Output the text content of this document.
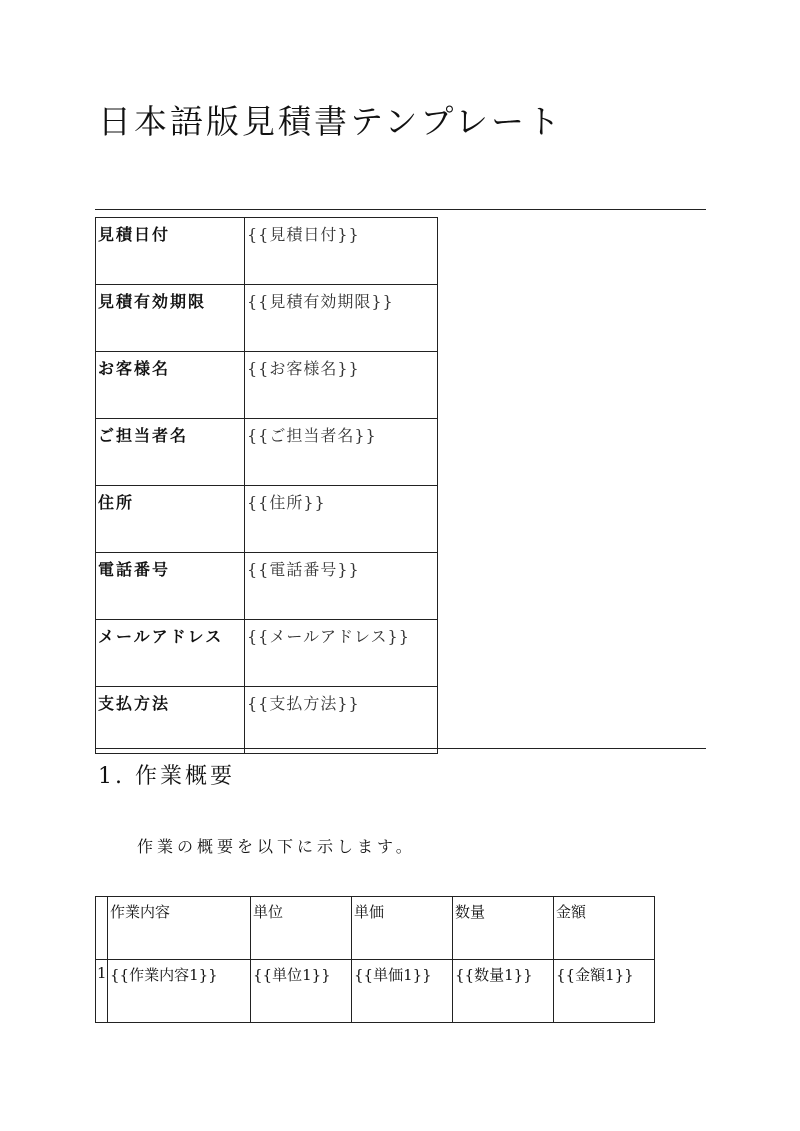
日本語版見積書テンプレート
見積日付	{{見積日付}}
見積有効期限	{{見積有効期限}}
お客様名	{{お客様名}}
ご担当者名	{{ご担当者名}}
住所	{{住所}}
電話番号	{{電話番号}}
メールアドレス	{{メールアドレス}}
支払方法	{{支払方法}}
1. 作業概要

作業の概要を以下に示します。

	作業内容	単位	単価	数量	金額
1	{{作業内容1}}	{{単位1}}	{{単価1}}	{{数量1}}	{{金額1}}
